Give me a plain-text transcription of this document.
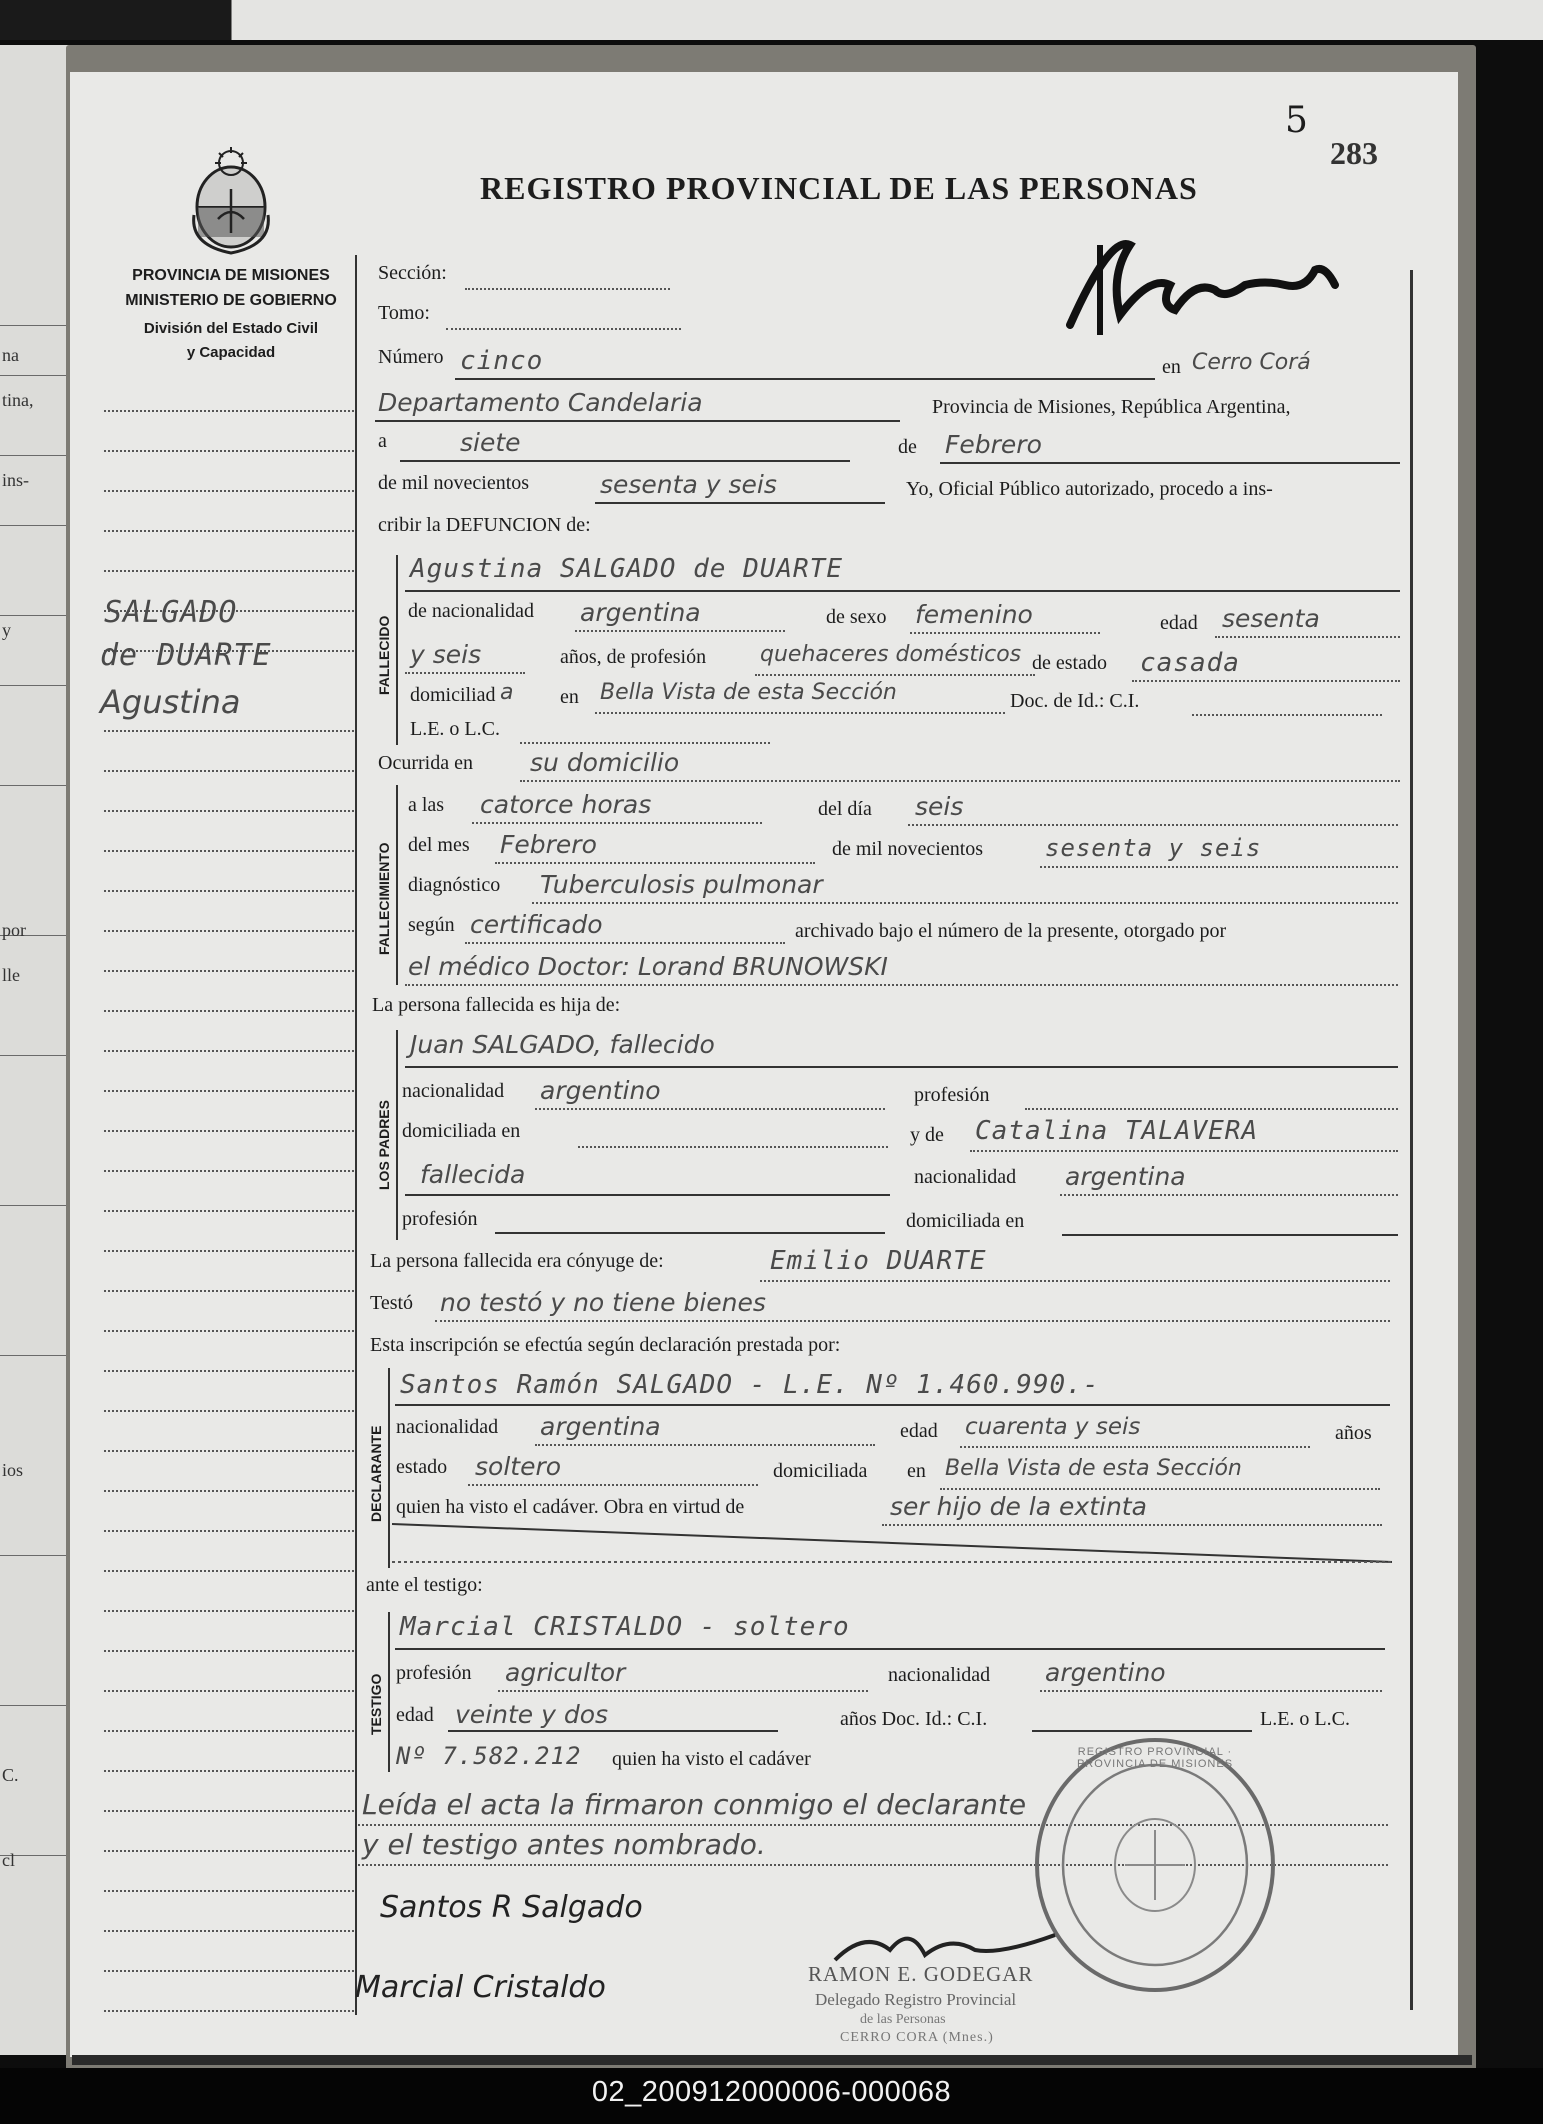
na
tina,
ins-
y
por
lle
ios
C.
cl
5
283
REGISTRO PROVINCIAL DE LAS PERSONAS
PROVINCIA DE MISIONES
MINISTERIO DE GOBIERNO
División del Estado Civil
y Capacidad
SALGADO
de DUARTE
Agustina
Sección:
Tomo:
Número cinco	en Cerro Corá
Departamento Candelaria	Provincia de Misiones, República Argentina,
a	siete	de Febrero
de mil novecientos	sesenta y seis	Yo, Oficial Público autorizado, procedo a ins-
cribir la DEFUNCION de:
FALLECIDO
Agustina SALGADO de DUARTE
de nacionalidad argentina	de sexo femenino	edad sesenta
y seis	años, de profesión quehaceres domésticos de estado casada
domiciliad a en Bella Vista de esta Sección	Doc. de Id.: C.I.
L.E. o L.C.
Ocurrida en su domicilio
FALLECIMIENTO
a las catorce horas	del día seis
del mes Febrero	de mil novecientos	sesenta y seis
diagnóstico Tuberculosis pulmonar
según certificado	archivado bajo el número de la presente, otorgado por
el médico Doctor: Lorand BRUNOWSKI
La persona fallecida es hija de:
LOS PADRES
Juan SALGADO, fallecido
nacionalidad argentino	profesión
domiciliada en	y de Catalina TALAVERA
fallecida	nacionalidad argentina
profesión	domiciliada en
La persona fallecida era cónyuge de:	Emilio DUARTE
Testó no testó y no tiene bienes
Esta inscripción se efectúa según declaración prestada por:
DECLARANTE
Santos Ramón SALGADO - L.E. Nº 1.460.990.-
nacionalidad argentina	edad cuarenta y seis	años
estado soltero	domiciliada en Bella Vista de esta Sección
quien ha visto el cadáver. Obra en virtud de	ser hijo de la extinta
ante el testigo:
TESTIGO
Marcial CRISTALDO - soltero
profesión agricultor	nacionalidad argentino
edad veinte y dos	años Doc. Id.: C.I.	L.E. o L.C.
Nº 7.582.212 quien ha visto el cadáver
Leída el acta la firmaron conmigo el declarante
y el testigo antes nombrado.
REGISTRO PROVINCIAL · PROVINCIA DE MISIONES
Santos R Salgado
Marcial Cristaldo	RAMON E. GODEGAR
Delegado Registro Provincial
de las Personas
CERRO CORA (Mnes.)
02_200912000006-000068
